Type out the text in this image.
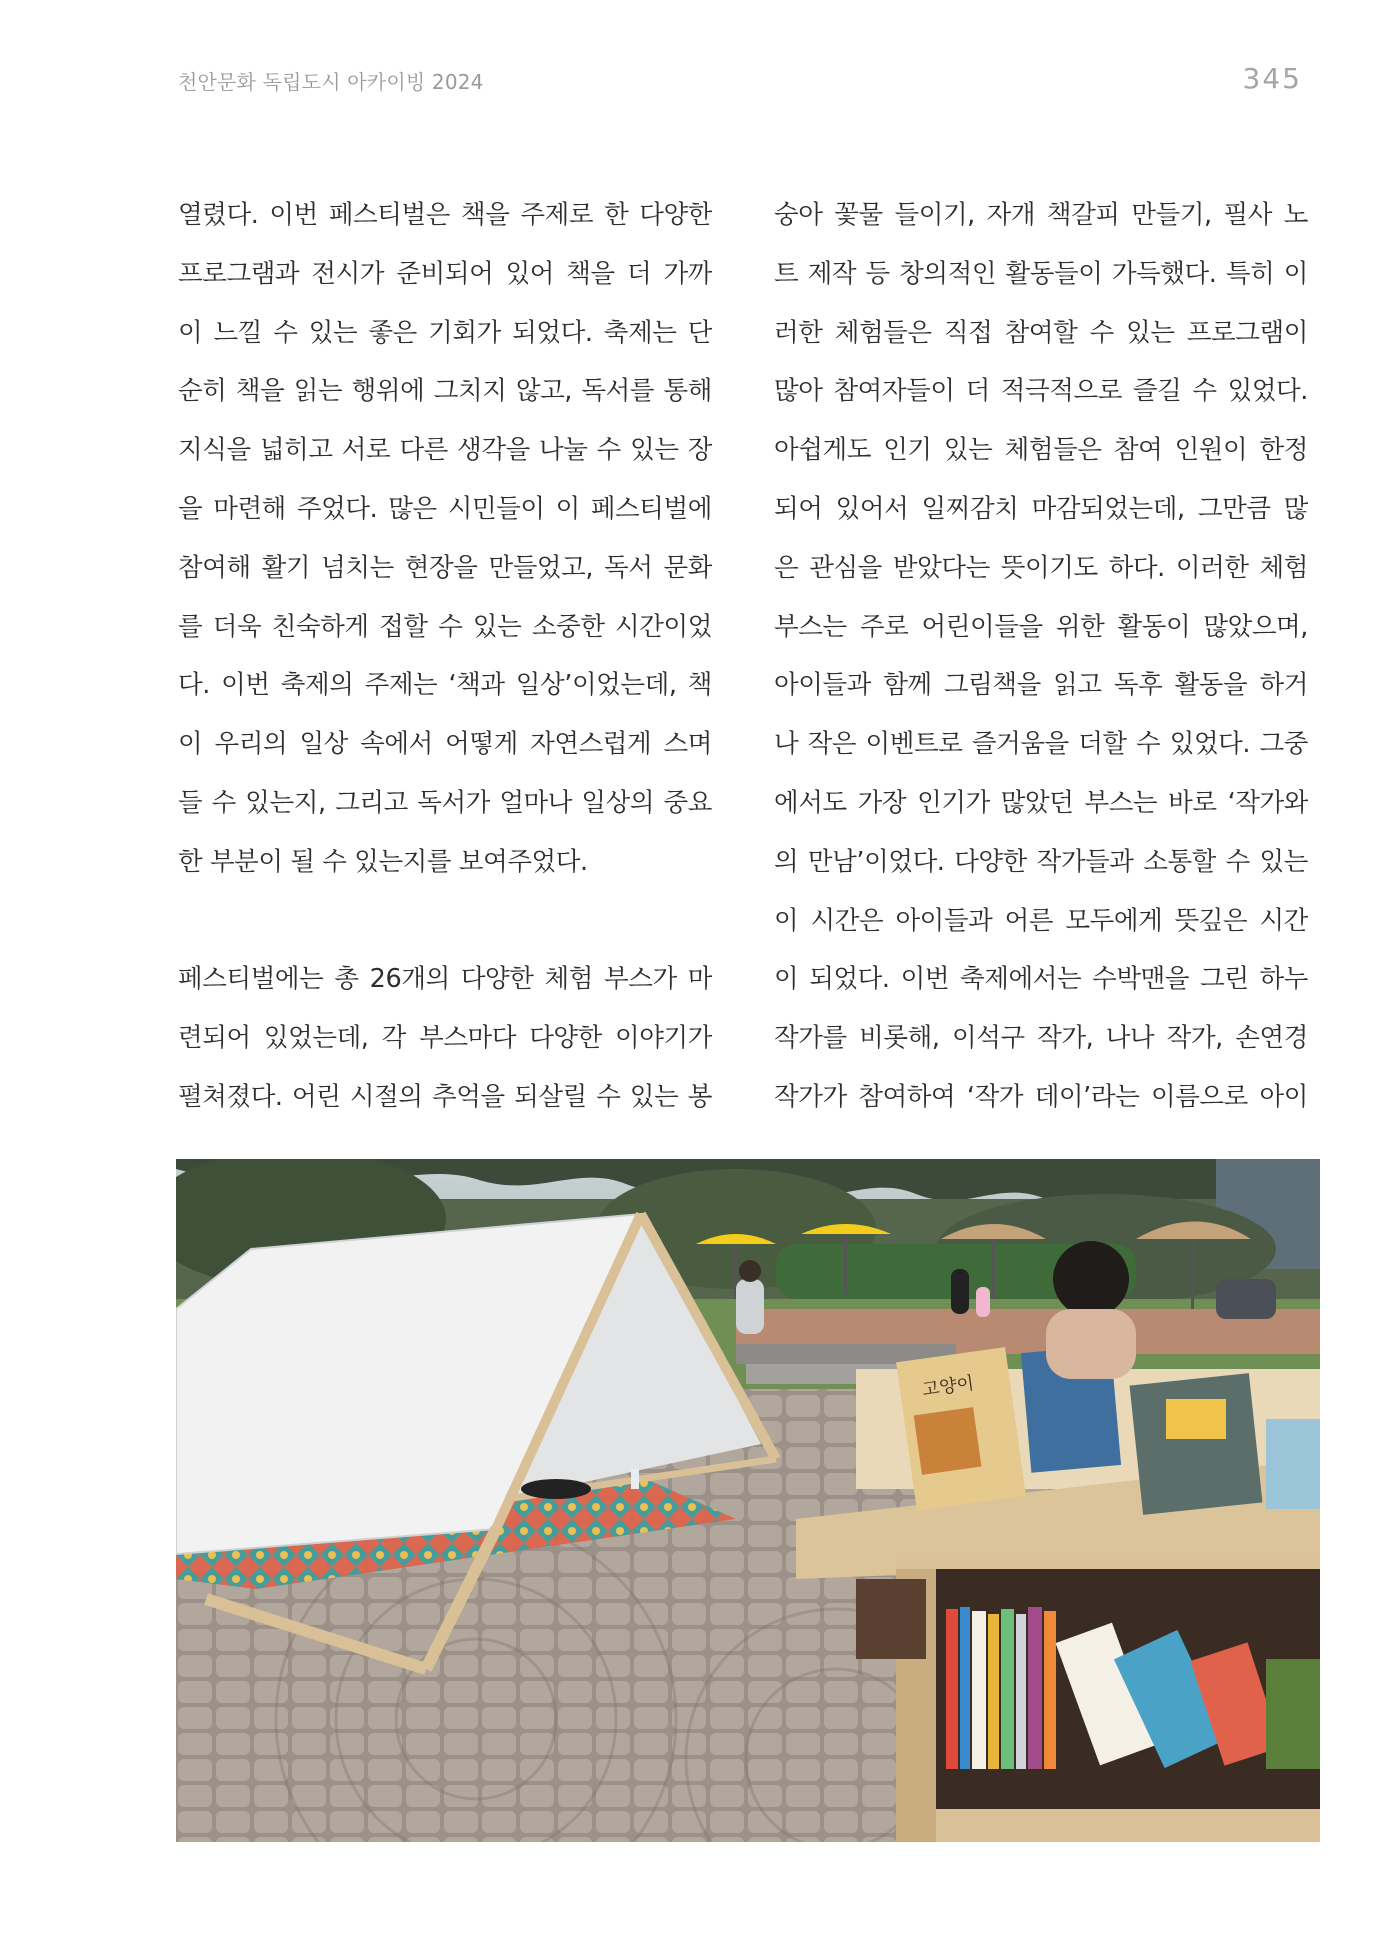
천안문화 독립도시 아카이빙 2024	345
열렸다. 이번 페스티벌은 책을 주제로 한 다양한
프로그램과 전시가 준비되어 있어 책을 더 가까
이 느낄 수 있는 좋은 기회가 되었다. 축제는 단
순히 책을 읽는 행위에 그치지 않고, 독서를 통해
지식을 넓히고 서로 다른 생각을 나눌 수 있는 장
을 마련해 주었다. 많은 시민들이 이 페스티벌에
참여해 활기 넘치는 현장을 만들었고, 독서 문화
를 더욱 친숙하게 접할 수 있는 소중한 시간이었
다. 이번 축제의 주제는 ‘책과 일상’이었는데, 책
이 우리의 일상 속에서 어떻게 자연스럽게 스며
들 수 있는지, 그리고 독서가 얼마나 일상의 중요
한 부분이 될 수 있는지를 보여주었다.
페스티벌에는 총 26개의 다양한 체험 부스가 마
련되어 있었는데, 각 부스마다 다양한 이야기가
펼쳐졌다. 어린 시절의 추억을 되살릴 수 있는 봉
숭아 꽃물 들이기, 자개 책갈피 만들기, 필사 노
트 제작 등 창의적인 활동들이 가득했다. 특히 이
러한 체험들은 직접 참여할 수 있는 프로그램이
많아 참여자들이 더 적극적으로 즐길 수 있었다.
아쉽게도 인기 있는 체험들은 참여 인원이 한정
되어 있어서 일찌감치 마감되었는데, 그만큼 많
은 관심을 받았다는 뜻이기도 하다. 이러한 체험
부스는 주로 어린이들을 위한 활동이 많았으며,
아이들과 함께 그림책을 읽고 독후 활동을 하거
나 작은 이벤트로 즐거움을 더할 수 있었다. 그중
에서도 가장 인기가 많았던 부스는 바로 ‘작가와
의 만남’이었다. 다양한 작가들과 소통할 수 있는
이 시간은 아이들과 어른 모두에게 뜻깊은 시간
이 되었다. 이번 축제에서는 수박맨을 그린 하누
작가를 비롯해, 이석구 작가, 나나 작가, 손연경
작가가 참여하여 ‘작가 데이’라는 이름으로 아이
고양이
